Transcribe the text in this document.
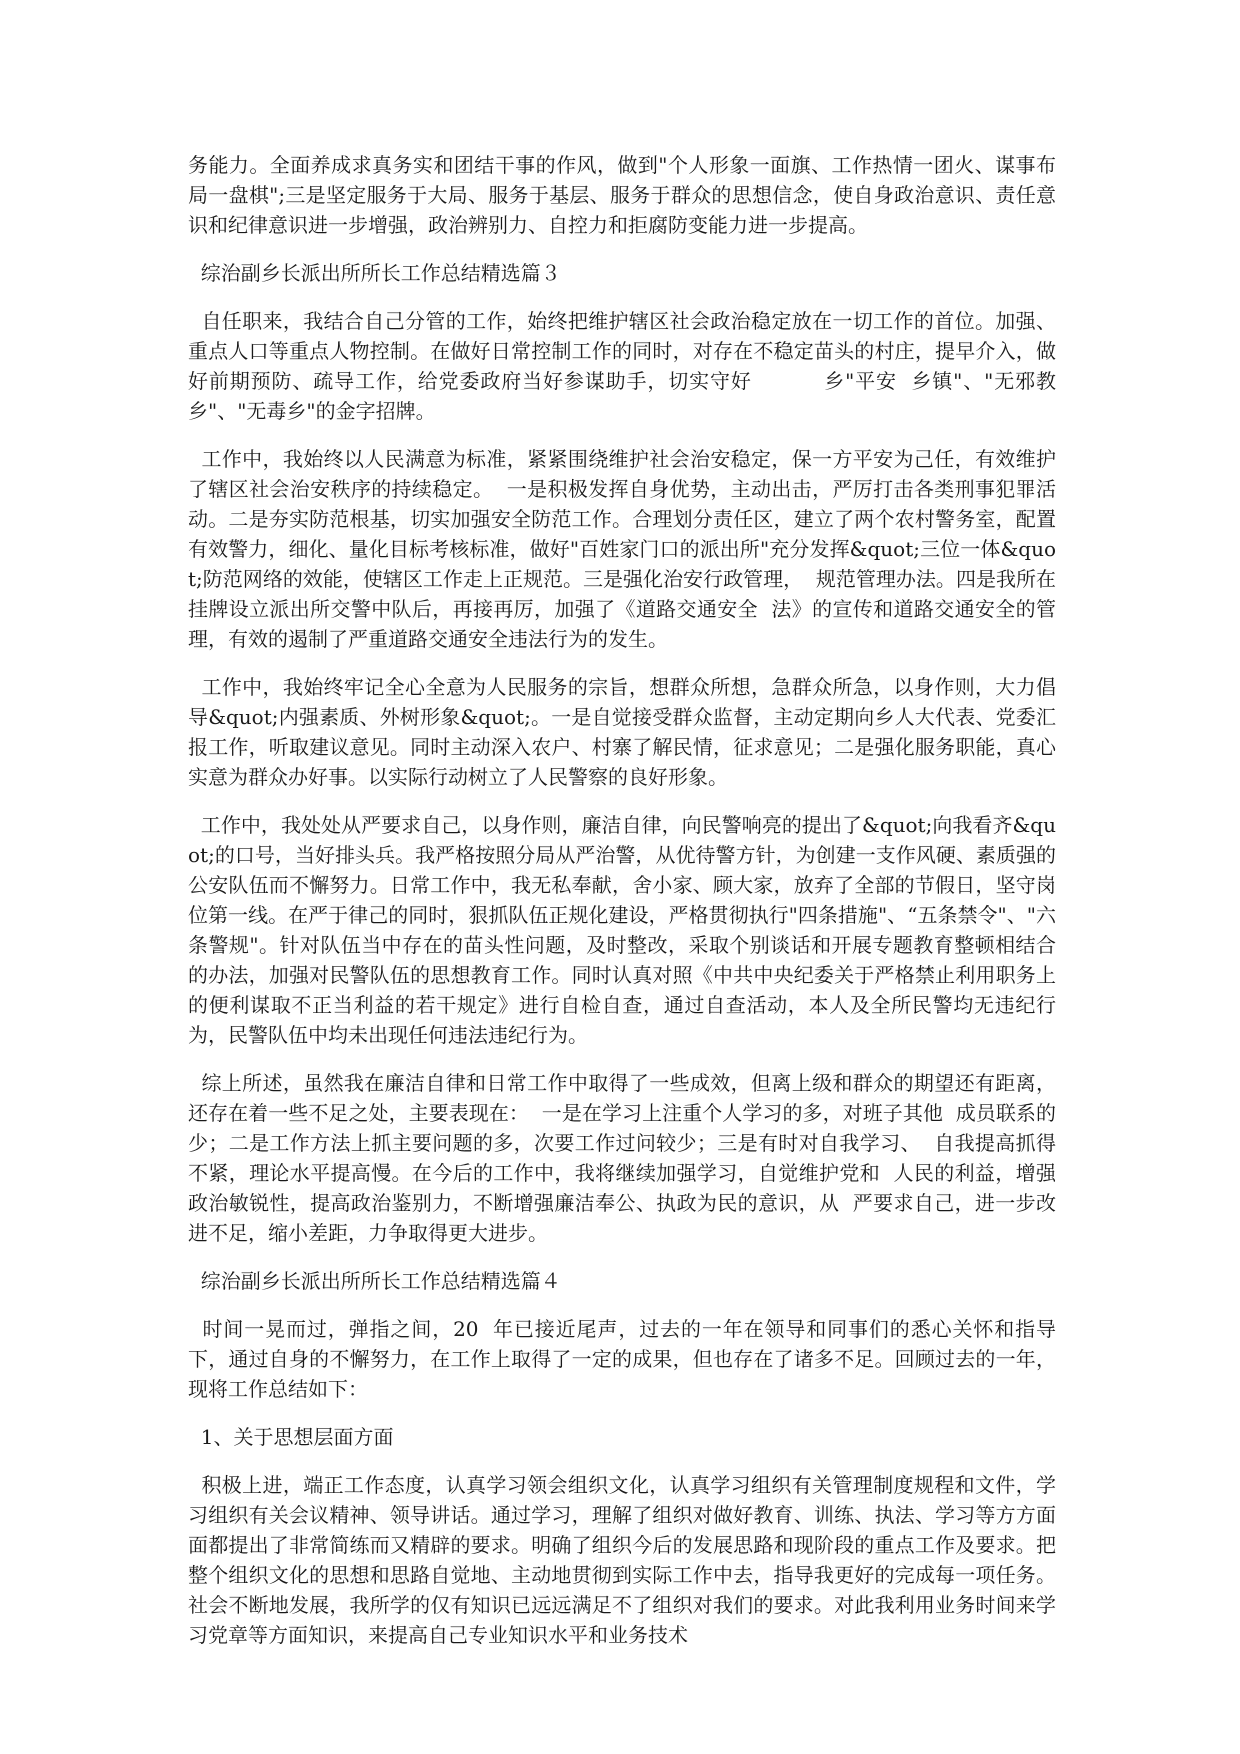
务能力。全面养成求真务实和团结干事的作风，做到"个人形象一面旗、工作热情一团火、谋事布局一盘棋";三是坚定服务于大局、服务于基层、服务于群众的思想信念，使自身政治意识、责任意识和纪律意识进一步增强，政治辨别力、自控力和拒腐防变能力进一步提高。

综治副乡长派出所所长工作总结精选篇３

自任职来，我结合自己分管的工作，始终把维护辖区社会政治稳定放在一切工作的首位。加强、重点人口等重点人物控制。在做好日常控制工作的同时，对存在不稳定苗头的村庄，提早介入，做好前期预防、疏导工作，给党委政府当好参谋助手，切实守好          乡"平安  乡镇"、"无邪教乡"、"无毒乡"的金字招牌。

工作中，我始终以人民满意为标准，紧紧围绕维护社会治安稳定，保一方平安为己任，有效维护了辖区社会治安秩序的持续稳定。  一是积极发挥自身优势，主动出击，严厉打击各类刑事犯罪活动。二是夯实防范根基，切实加强安全防范工作。合理划分责任区，建立了两个农村警务室，配置有效警力，细化、量化目标考核标准，做好"百姓家门口的派出所"充分发挥&quot;三位一体&quot;防范网络的效能，使辖区工作走上正规范。三是强化治安行政管理，  规范管理办法。四是我所在挂牌设立派出所交警中队后，再接再厉，加强了《道路交通安全  法》的宣传和道路交通安全的管理，有效的遏制了严重道路交通安全违法行为的发生。

工作中，我始终牢记全心全意为人民服务的宗旨，想群众所想，急群众所急，以身作则，大力倡导&quot;内强素质、外树形象&quot;。一是自觉接受群众监督，主动定期向乡人大代表、党委汇报工作，听取建议意见。同时主动深入农户、村寨了解民情，征求意见；二是强化服务职能，真心实意为群众办好事。以实际行动树立了人民警察的良好形象。

工作中，我处处从严要求自己，以身作则，廉洁自律，向民警响亮的提出了&quot;向我看齐&quot;的口号，当好排头兵。我严格按照分局从严治警，从优待警方针，为创建一支作风硬、素质强的公安队伍而不懈努力。日常工作中，我无私奉献，舍小家、顾大家，放弃了全部的节假日，坚守岗位第一线。在严于律己的同时，狠抓队伍正规化建设，严格贯彻执行"四条措施"、“五条禁令"、"六条警规"。针对队伍当中存在的苗头性问题，及时整改，采取个别谈话和开展专题教育整顿相结合的办法，加强对民警队伍的思想教育工作。同时认真对照《中共中央纪委关于严格禁止利用职务上的便利谋取不正当利益的若干规定》进行自检自查，通过自查活动，本人及全所民警均无违纪行为，民警队伍中均未出现任何违法违纪行为。

综上所述，虽然我在廉洁自律和日常工作中取得了一些成效，但离上级和群众的期望还有距离，还存在着一些不足之处，主要表现在：  一是在学习上注重个人学习的多，对班子其他  成员联系的少；二是工作方法上抓主要问题的多，次要工作过问较少；三是有时对自我学习、  自我提高抓得不紧，理论水平提高慢。在今后的工作中，我将继续加强学习，自觉维护党和  人民的利益，增强政治敏锐性，提高政治鉴别力，不断增强廉洁奉公、执政为民的意识，从  严要求自己，进一步改进不足，缩小差距，力争取得更大进步。

综治副乡长派出所所长工作总结精选篇４

时间一晃而过，弹指之间，20  年已接近尾声，过去的一年在领导和同事们的悉心关怀和指导下，通过自身的不懈努力，在工作上取得了一定的成果，但也存在了诸多不足。回顾过去的一年，现将工作总结如下：

1、关于思想层面方面

积极上进，端正工作态度，认真学习领会组织文化，认真学习组织有关管理制度规程和文件，学习组织有关会议精神、领导讲话。通过学习，理解了组织对做好教育、训练、执法、学习等方方面面都提出了非常简练而又精辟的要求。明确了组织今后的发展思路和现阶段的重点工作及要求。把整个组织文化的思想和思路自觉地、主动地贯彻到实际工作中去，指导我更好的完成每一项任务。社会不断地发展，我所学的仅有知识已远远满足不了组织对我们的要求。对此我利用业务时间来学习党章等方面知识，来提高自己专业知识水平和业务技术
